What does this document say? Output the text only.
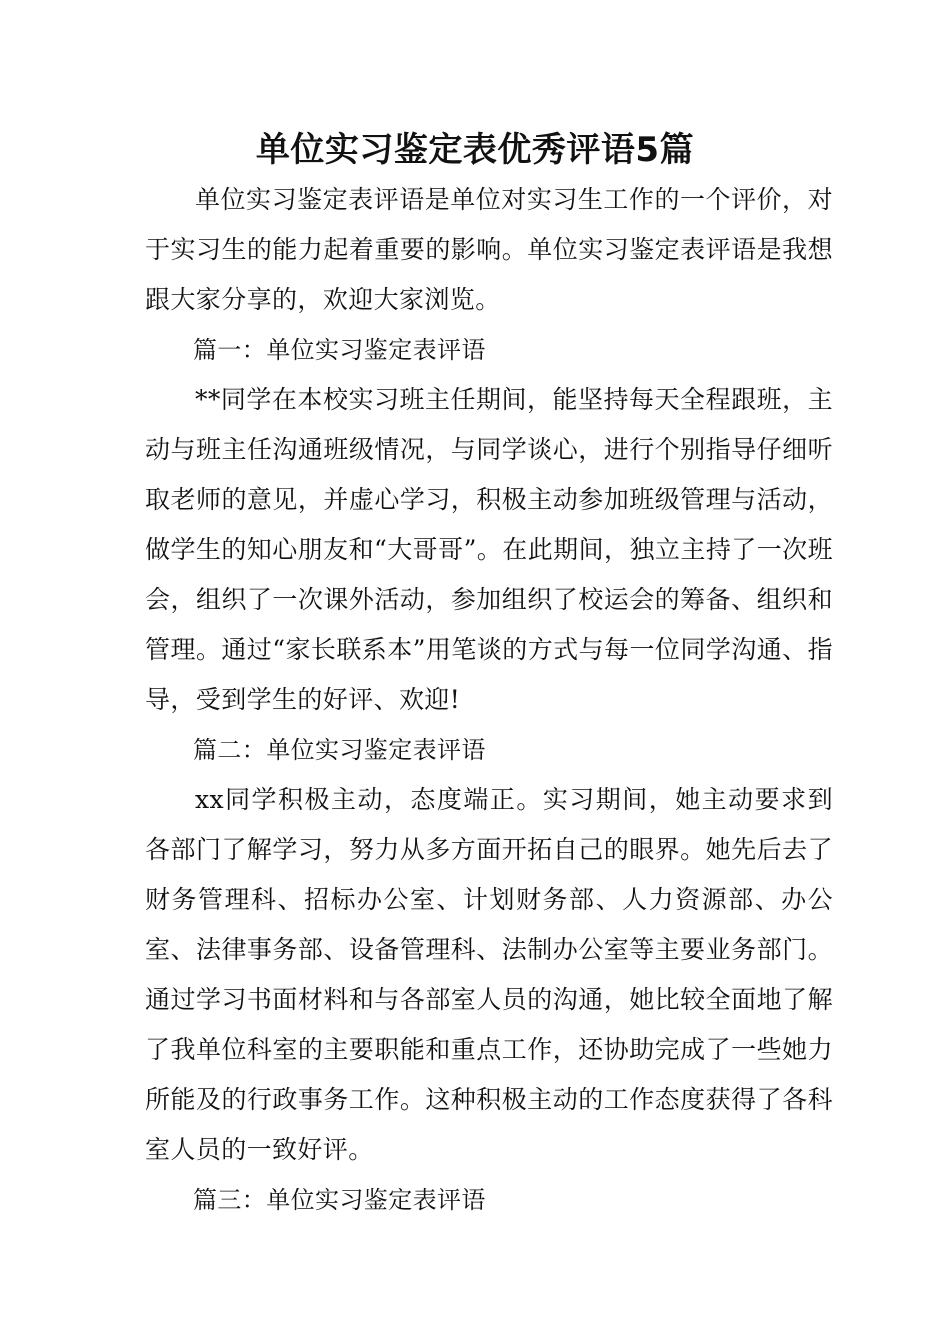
单位实习鉴定表优秀评语5篇

单位实习鉴定表评语是单位对实习生工作的一个评价，对于实习生的能力起着重要的影响。单位实习鉴定表评语是我想跟大家分享的，欢迎大家浏览。

篇一：单位实习鉴定表评语

**同学在本校实习班主任期间，能坚持每天全程跟班，主动与班主任沟通班级情况，与同学谈心，进行个别指导仔细听取老师的意见，并虚心学习，积极主动参加班级管理与活动，做学生的知心朋友和“大哥哥”。在此期间，独立主持了一次班会，组织了一次课外活动，参加组织了校运会的筹备、组织和管理。通过“家长联系本”用笔谈的方式与每一位同学沟通、指导，受到学生的好评、欢迎!

篇二：单位实习鉴定表评语

xx同学积极主动，态度端正。实习期间，她主动要求到各部门了解学习，努力从多方面开拓自己的眼界。她先后去了财务管理科、招标办公室、计划财务部、人力资源部、办公室、法律事务部、设备管理科、法制办公室等主要业务部门。通过学习书面材料和与各部室人员的沟通，她比较全面地了解了我单位科室的主要职能和重点工作，还协助完成了一些她力所能及的行政事务工作。这种积极主动的工作态度获得了各科室人员的一致好评。

篇三：单位实习鉴定表评语
